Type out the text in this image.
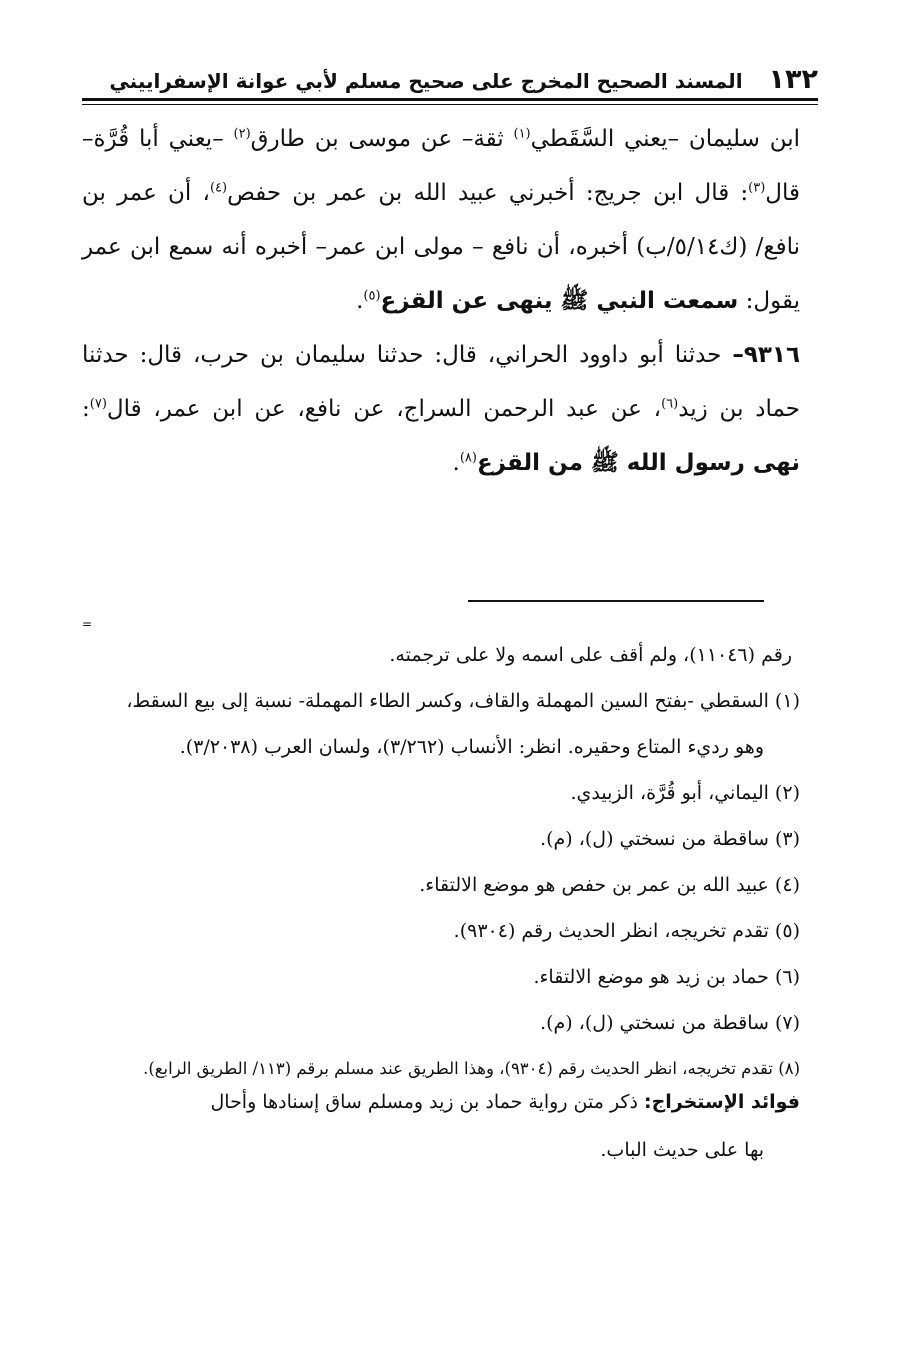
١٣٢
المسند الصحيح المخرج على صحيح مسلم لأبي عوانة الإسفراييني

ابن سليمان –يعني السَّقَطي$^{(١)}$ ثقة– عن موسى بن طارق$^{(٢)}$ –يعني أبا قُرَّة– قال$^{(٣)}$: قال ابن جريج: أخبرني عبيد الله بن عمر بن حفص$^{(٤)}$، أن عمر بن نافع/ (ك٥/١٤/ب) أخبره، أن نافع – مولى ابن عمر– أخبره أنه سمع ابن عمر يقول: سمعت النبي ﷺ ينهى عن القزع$^{(٥)}$.

٩٣١٦– حدثنا أبو داوود الحراني، قال: حدثنا سليمان بن حرب، قال: حدثنا حماد بن زيد$^{(٦)}$، عن عبد الرحمن السراج، عن نافع، عن ابن عمر، قال$^{(٧)}$: نهى رسول الله ﷺ من القزع$^{(٨)}$.

=
رقم (١١٠٤٦)، ولم أقف على اسمه ولا على ترجمته.
(١) السقطي -بفتح السين المهملة والقاف، وكسر الطاء المهملة- نسبة إلى بيع السقط،
وهو رديء المتاع وحقيره. انظر: الأنساب (٣/٢٦٢)، ولسان العرب (٣/٢٠٣٨).
(٢) اليماني، أبو قُرَّة، الزبيدي.
(٣) ساقطة من نسختي (ل)، (م).
(٤) عبيد الله بن عمر بن حفص هو موضع الالتقاء.
(٥) تقدم تخريجه، انظر الحديث رقم (٩٣٠٤).
(٦) حماد بن زيد هو موضع الالتقاء.
(٧) ساقطة من نسختي (ل)، (م).
(٨) تقدم تخريجه، انظر الحديث رقم (٩٣٠٤)، وهذا الطريق عند مسلم برقم (١١٣/ الطريق الرابع).
فوائد الإستخراج: ذكر متن رواية حماد بن زيد ومسلم ساق إسنادها وأحال
بها على حديث الباب.
